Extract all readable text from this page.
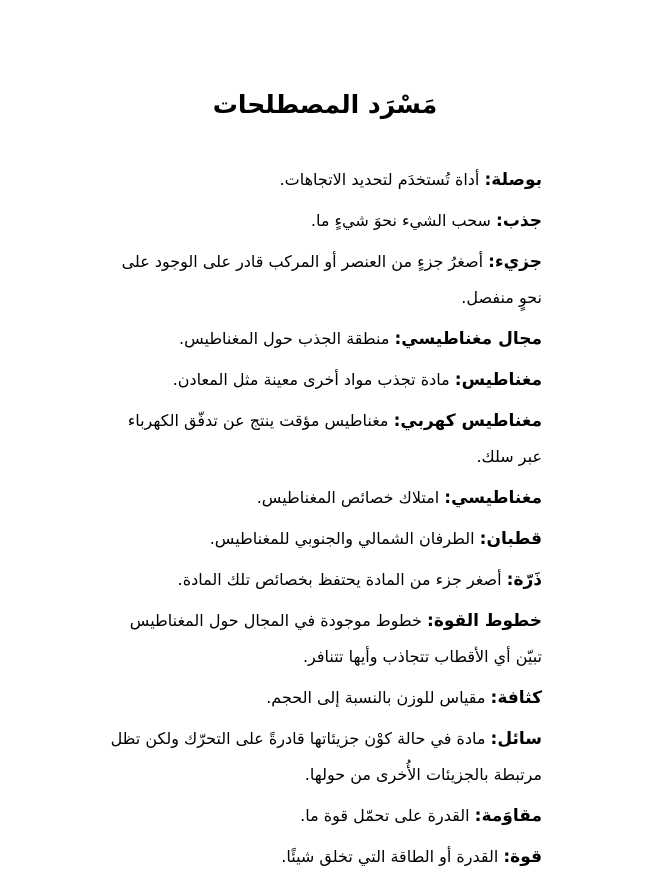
مَسْرَد المصطلحات
بوصلة: أداة تُستخدَم لتحديد الاتجاهات.
جذب: سحب الشيء نحوَ شيءٍ ما.
جزيء: أصغرُ جزءٍ من العنصر أو المركب قادر على الوجود على نحوٍ منفصل.
مجال مغناطيسي: منطقة الجذب حول المغناطيس.
مغناطيس: مادة تجذب مواد أخرى معينة مثل المعادن.
مغناطيس كهربي: مغناطيس مؤقت ينتج عن تدفّق الكهرباء عبر سلك.
مغناطيسي: امتلاك خصائص المغناطيس.
قطبان: الطرفان الشمالي والجنوبي للمغناطيس.
ذَرّة: أصغر جزء من المادة يحتفظ بخصائص تلك المادة.
خطوط القوة: خطوط موجودة في المجال حول المغناطيس تبيّن أي الأقطاب تتجاذب وأيها تتنافر.
كثافة: مقياس للوزن بالنسبة إلى الحجم.
سائل: مادة في حالة كوْن جزيئاتها قادرةً على التحرّك ولكن تظل مرتبطة بالجزيئات الأُخرى من حولها.
مقاوَمة: القدرة على تحمّل قوة ما.
قوة: القدرة أو الطاقة التي تخلق شيئًا.
